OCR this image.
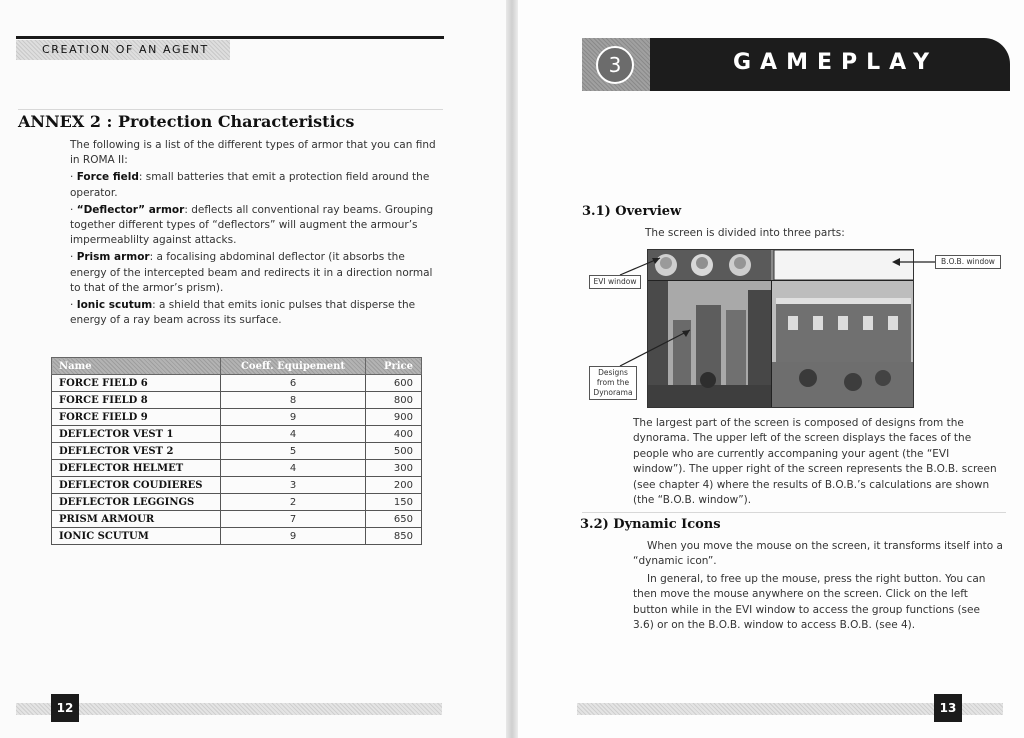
CREATION OF AN AGENT
ANNEX 2 : Protection Characteristics
The following is a list of the different types of armor that you can find in ROMA II:
· Force field: small batteries that emit a protection field around the operator.
· “Deflector” armor: deflects all conventional ray beams. Grouping together different types of “deflectors” will augment the armour’s impermeablilty against attacks.
· Prism armor: a focalising abdominal deflector (it absorbs the energy of the intercepted beam and redirects it in a direction normal to that of the armor’s prism).
· Ionic scutum: a shield that emits ionic pulses that disperse the energy of a ray beam across its surface.
Name	Coeff. Equipement	Price
FORCE FIELD 6	6	600
FORCE FIELD 8	8	800
FORCE FIELD 9	9	900
DEFLECTOR VEST 1	4	400
DEFLECTOR VEST 2	5	500
DEFLECTOR HELMET	4	300
DEFLECTOR COUDIERES	3	200
DEFLECTOR LEGGINGS	2	150
PRISM ARMOUR	7	650
IONIC SCUTUM	9	850
12
3	GAMEPLAY
3.1) Overview
The screen is divided into three parts:
EVI window
B.O.B. window
Designs from the Dynorama
The largest part of the screen is composed of designs from the dynorama. The upper left of the screen displays the faces of the people who are currently accompaning your agent (the “EVI window”). The upper right of the screen represents the B.O.B. screen (see chapter 4) where the results of B.O.B.’s calculations are shown (the “B.O.B. window”).
3.2) Dynamic Icons
When you move the mouse on the screen, it transforms itself into a “dynamic icon”.
In general, to free up the mouse, press the right button. You can then move the mouse anywhere on the screen. Click on the left button while in the EVI window to access the group functions (see 3.6) or on the B.O.B. window to access B.O.B. (see 4).
13
